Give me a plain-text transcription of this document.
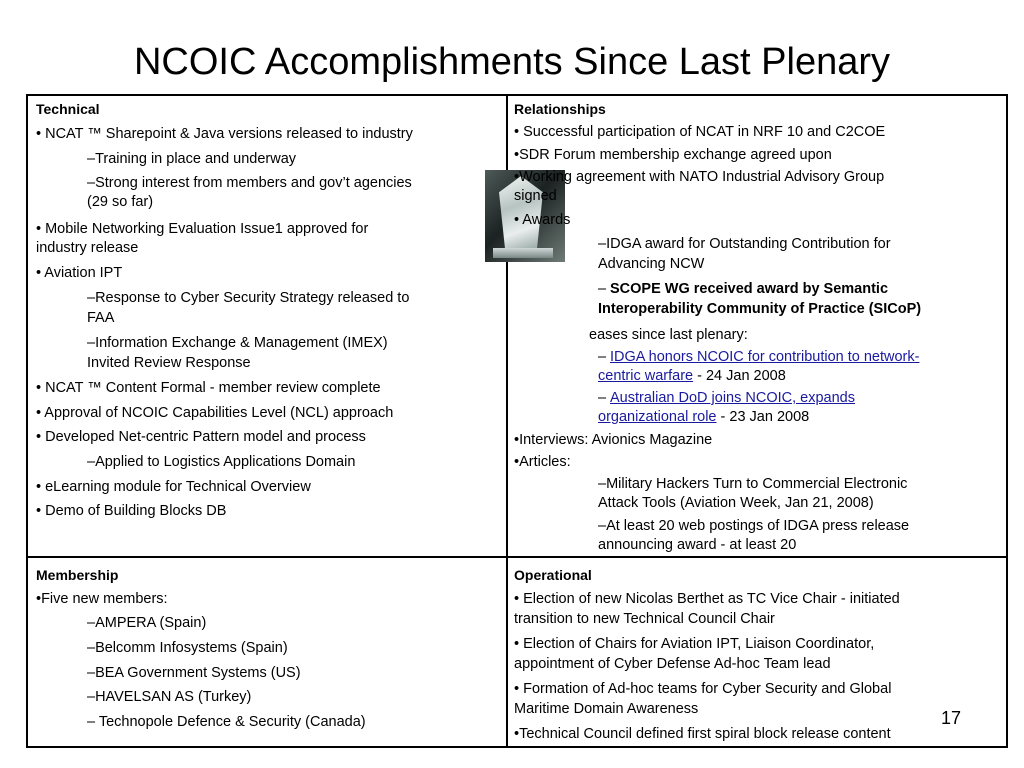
NCOIC Accomplishments Since Last Plenary
Technical
• NCAT ™ Sharepoint & Java versions released to industry
–Training in place and underway
–Strong interest from members and gov’t agencies
(29 so far)
• Mobile Networking Evaluation Issue1 approved for
industry release
• Aviation IPT
–Response to Cyber Security Strategy released to
FAA
–Information Exchange & Management (IMEX)
Invited Review Response
• NCAT ™ Content Formal - member review complete
• Approval of NCOIC Capabilities Level (NCL) approach
• Developed Net-centric Pattern model and process
–Applied to Logistics Applications Domain
• eLearning module for Technical Overview
• Demo of Building Blocks DB
Relationships
• Successful participation of NCAT in NRF 10 and C2COE
•SDR Forum membership exchange agreed upon
•Working agreement with NATO Industrial Advisory Group
signed
• Awards
–IDGA award for Outstanding Contribution for
Advancing NCW
– SCOPE WG received award by Semantic
Interoperability Community of Practice (SICoP)
eases since last plenary:
– IDGA honors NCOIC for contribution to network-
centric warfare - 24 Jan 2008
– Australian DoD joins NCOIC, expands
organizational role - 23 Jan 2008
•Interviews: Avionics Magazine
•Articles:
–Military Hackers Turn to Commercial Electronic
Attack Tools (Aviation Week, Jan 21, 2008)
–At least 20 web postings of IDGA press release
announcing award - at least 20
Membership
•Five new members:
–AMPERA (Spain)
–Belcomm Infosystems (Spain)
–BEA Government Systems (US)
–HAVELSAN AS (Turkey)
– Technopole Defence & Security (Canada)
Operational
• Election of new Nicolas Berthet as TC Vice Chair - initiated
transition to new Technical Council Chair
• Election of Chairs for Aviation IPT, Liaison Coordinator,
appointment of Cyber Defense Ad-hoc Team lead
• Formation of Ad-hoc teams for Cyber Security and Global
Maritime Domain Awareness
•Technical Council defined first spiral block release content
17
